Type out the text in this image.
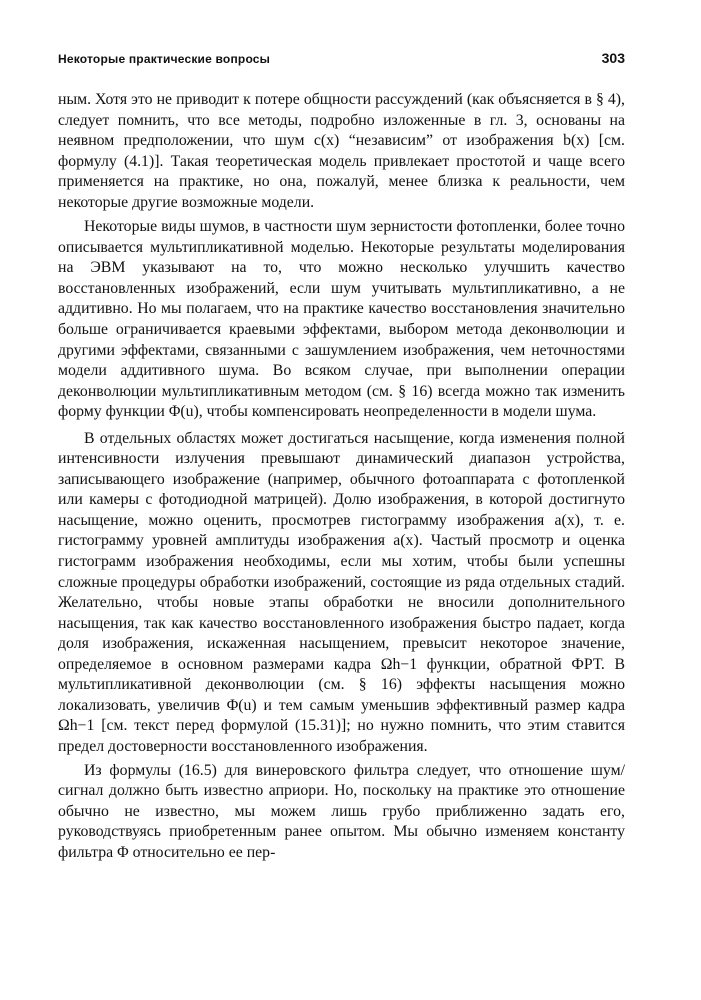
Некоторые практические вопросы	303

ным. Хотя это не приводит к потере общности рассуждений (как объясняется в § 4), следует помнить, что все методы, подробно изложенные в гл. 3, основаны на неявном предположении, что шум c(x) “независим” от изображения b(x) [см. формулу (4.1)]. Такая теоретическая модель привлекает простотой и чаще всего применяется на практике, но она, пожалуй, менее близка к реальности, чем некоторые другие возможные модели.

Некоторые виды шумов, в частности шум зернистости фотопленки, более точно описывается мультипликативной моделью. Некоторые результаты моделирования на ЭВМ указывают на то, что можно несколько улучшить качество восстановленных изображений, если шум учитывать мультипликативно, а не аддитивно. Но мы полагаем, что на практике качество восстановления значительно больше ограничивается краевыми эффектами, выбором метода деконволюции и другими эффектами, связанными с зашумлением изображения, чем неточностями модели аддитивного шума. Во всяком случае, при выполнении операции деконволюции мультипликативным методом (см. § 16) всегда можно так изменить форму функции Φ(u), чтобы компенсировать неопределенности в модели шума.

В отдельных областях может достигаться насыщение, когда изменения полной интенсивности излучения превышают динамический диапазон устройства, записывающего изображение (например, обычного фотоаппарата с фотопленкой или камеры с фотодиодной матрицей). Долю изображения, в которой достигнуто насыщение, можно оценить, просмотрев гистограмму изображения a(x), т. е. гистограмму уровней амплитуды изображения a(x). Частый просмотр и оценка гистограмм изображения необходимы, если мы хотим, чтобы были успешны сложные процедуры обработки изображений, состоящие из ряда отдельных стадий. Желательно, чтобы новые этапы обработки не вносили дополнительного насыщения, так как качество восстановленного изображения быстро падает, когда доля изображения, искаженная насыщением, превысит некоторое значение, определяемое в основном размерами кадра Ωh−1 функции, обратной ФРТ. В мультипликативной деконволюции (см. § 16) эффекты насыщения можно локализовать, увеличив Φ(u) и тем самым уменьшив эффективный размер кадра Ωh−1 [см. текст перед формулой (15.31)]; но нужно помнить, что этим ставится предел достоверности восстановленного изображения.

Из формулы (16.5) для винеровского фильтра следует, что отношение шум/сигнал должно быть известно априори. Но, поскольку на практике это отношение обычно не известно, мы можем лишь грубо приближенно задать его, руководствуясь приобретенным ранее опытом. Мы обычно изменяем константу фильтра Φ относительно ее пер-
